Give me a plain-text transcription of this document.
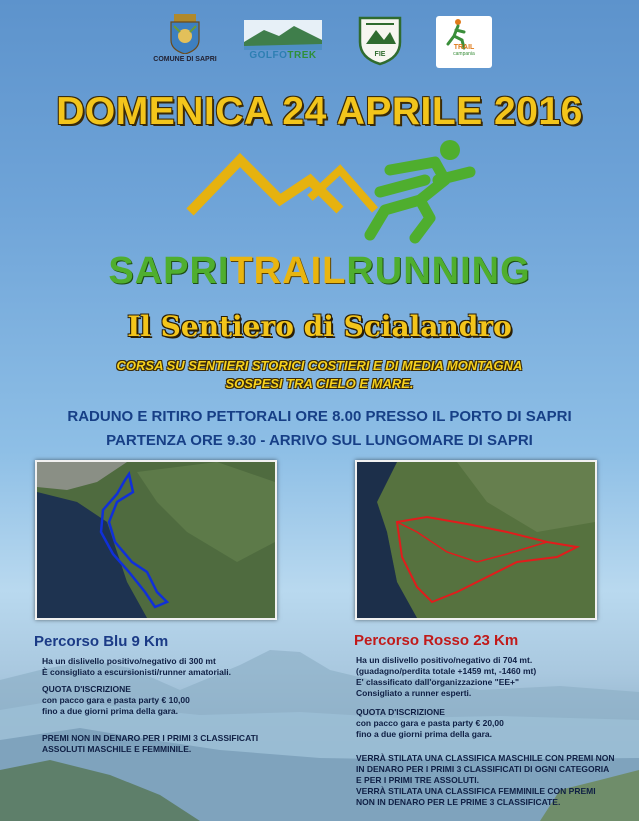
COMUNE DI SAPRI	GOLFOTREK	FIE
TRAIL
campania
DOMENICA 24 APRILE 2016
SAPRITRAILRUNNING
Il Sentiero di Scialandro
CORSA SU SENTIERI STORICI COSTIERI E DI MEDIA MONTAGNA
SOSPESI TRA CIELO E MARE.
RADUNO E RITIRO PETTORALI ORE 8.00 PRESSO IL PORTO DI SAPRI
PARTENZA ORE 9.30 - ARRIVO SUL LUNGOMARE DI SAPRI
Percorso Blu 9 Km
Ha un dislivello positivo/negativo di 300 mt
È consigliato a escursionisti/runner amatoriali.
QUOTA D'ISCRIZIONE
con pacco gara e pasta party € 10,00
fino a due giorni prima della gara.
PREMI NON IN DENARO PER I PRIMI 3 CLASSIFICATI
ASSOLUTI MASCHILE E FEMMINILE.
Percorso Rosso 23 Km
Ha un dislivello positivo/negativo di 704 mt.
(guadagno/perdita totale +1459 mt, -1460 mt)
E' classificato dall'organizzazione "EE+"
Consigliato a runner esperti.
QUOTA D'ISCRIZIONE
con pacco gara e pasta party € 20,00
fino a due giorni prima della gara.
VERRÀ STILATA UNA CLASSIFICA MASCHILE CON PREMI NON
IN DENARO PER I PRIMI 3 CLASSIFICATI DI OGNI CATEGORIA
E PER I PRIMI TRE ASSOLUTI.
VERRÀ STILATA UNA CLASSIFICA FEMMINILE CON PREMI
NON IN DENARO PER LE PRIME 3 CLASSIFICATE.
